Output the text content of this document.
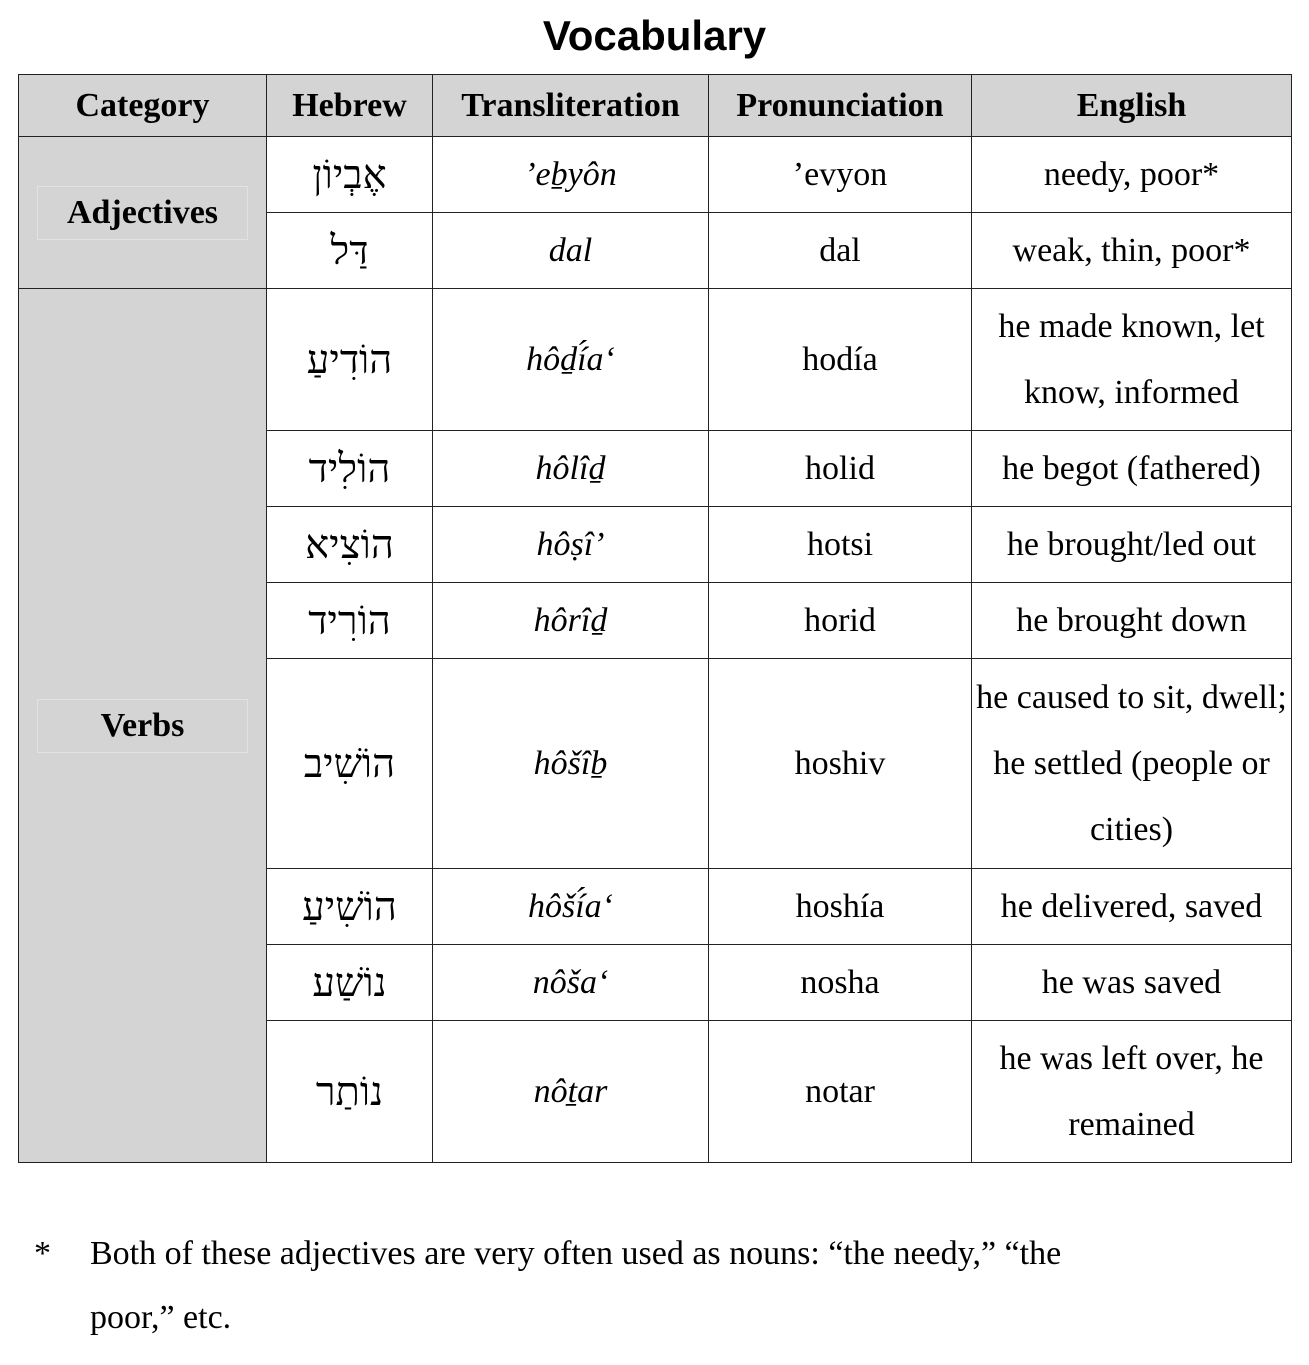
Vocabulary
Category	Hebrew	Transliteration	Pronunciation	English

Adjectives	אֶבְיוֹן	’eḇyôn	’evyon	needy, poor*
	דַּל	dal	dal	weak, thin, poor*

Verbs	הוֹדִיעַ	hôḏí́a‘	hodía	he made known, let know, informed
	הוֹלִיד	hôlîḏ	holid	he begot (fathered)
	הוֹצִיא	hôṣî’	hotsi	he brought/led out
	הוֹרִיד	hôrîḏ	horid	he brought down
	הוֹשִׁיב	hôšîḇ	hoshiv	he caused to sit, dwell; he settled (people or cities)
	הוֹשִׁיעַ	hôší́a‘	hoshía	he delivered, saved
	נוֹשַׁע	nôša‘	nosha	he was saved
	נוֹתַר	nôṯar	notar	he was left over, he remained
* Both of these adjectives are very often used as nouns: “the needy,” “the poor,” etc.
